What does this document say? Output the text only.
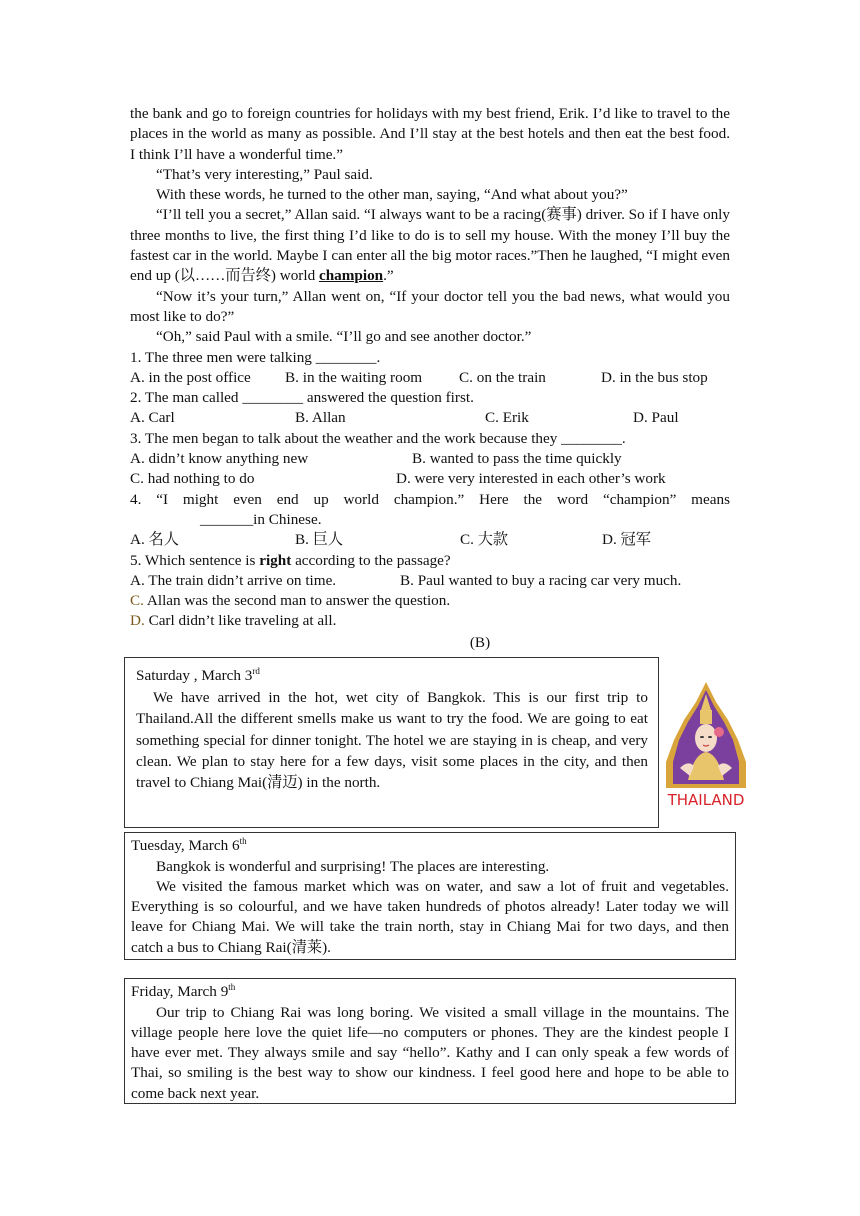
the bank and go to foreign countries for holidays with my best friend, Erik. I’d like to travel to the places in the world as many as possible. And I’ll stay at the best hotels and then eat the best food. I think I’ll have a wonderful time.”

“That’s very interesting,” Paul said.

With these words, he turned to the other man, saying, “And what about you?”

“I’ll tell you a secret,” Allan said. “I always want to be a racing(赛事) driver. So if I have only three months to live, the first thing I’d like to do is to sell my house. With the money I’ll buy the fastest car in the world. Maybe I can enter all the big motor races.”Then he laughed, “I might even end up (以……而告终) world champion.”

“Now it’s your turn,” Allan went on, “If your doctor tell you the bad news, what would you most like to do?”

“Oh,” said Paul with a smile. “I’ll go and see another doctor.”

1. The three men were talking ________.

A. in the post office	B. in the waiting room	C. on the train	D. in the bus stop

2. The man called ________ answered the question first.

A. Carl	B. Allan	C. Erik	D. Paul

3. The men began to talk about the weather and the work because they ________.

A. didn’t know anything new	B. wanted to pass the time quickly
C. had nothing to do	D. were very interested in each other’s work

4. “I might even end up world champion.” Here the word “champion” means

_______in Chinese.

A. 名人	B. 巨人	C. 大款	D. 冠军

5. Which sentence is right according to the passage?

A. The train didn’t arrive on time.	B. Paul wanted to buy a racing car very much.

C. Allan was the second man to answer the question.

D. Carl didn’t like traveling at all.

(B)

Saturday , March 3rd

We have arrived in the hot, wet city of Bangkok. This is our first trip to Thailand.All the different smells make us want to try the food. We are going to eat something special for dinner tonight. The hotel we are staying in is cheap, and very clean. We plan to stay here for a few days, visit some places in the city, and then travel to Chiang Mai(清迈) in the north.

THAILAND

Tuesday, March 6th

Bangkok is wonderful and surprising! The places are interesting.

We visited the famous market which was on water, and saw a lot of fruit and vegetables. Everything is so colourful, and we have taken hundreds of photos already! Later today we will leave for Chiang Mai. We will take the train north, stay in Chiang Mai for two days, and then catch a bus to Chiang Rai(清莱).

Friday, March 9th

Our trip to Chiang Rai was long boring. We visited a small village in the mountains. The village people here love the quiet life—no computers or phones. They are the kindest people I have ever met. They always smile and say “hello”. Kathy and I can only speak a few words of Thai, so smiling is the best way to show our kindness. I feel good here and hope to be able to come back next year.
